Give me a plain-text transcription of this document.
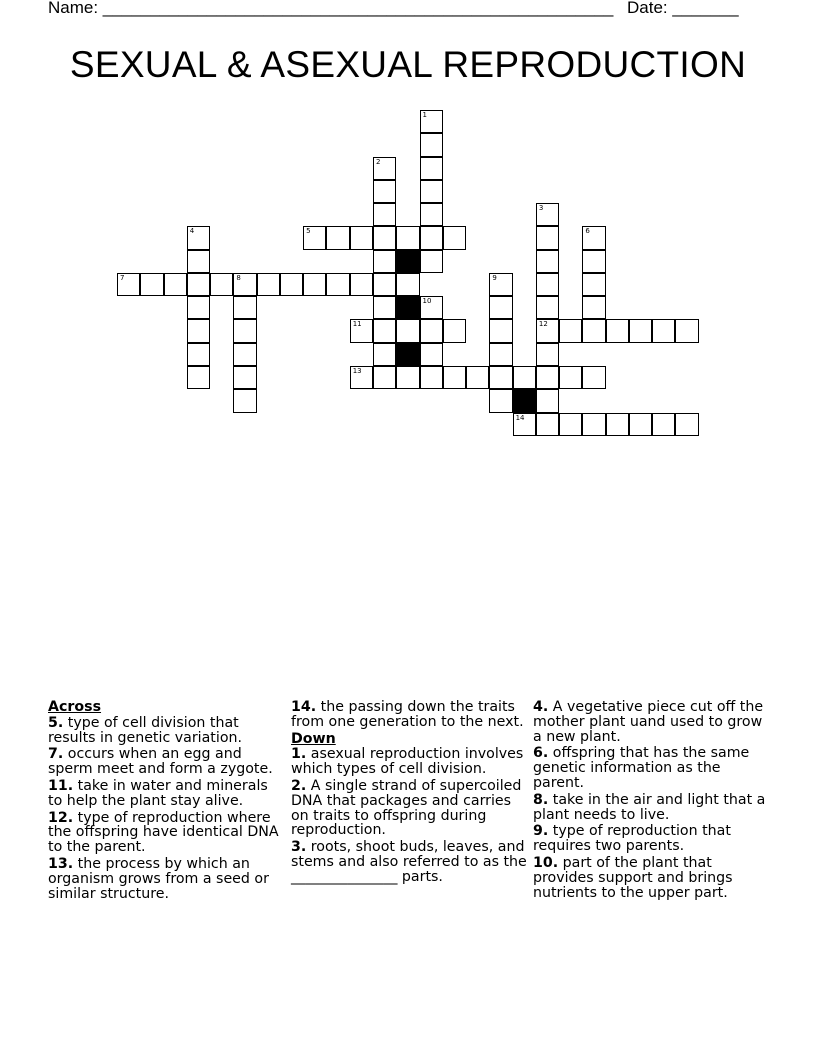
Name: ______________________________________________________ Date: _______
SEXUAL & ASEXUAL REPRODUCTION
1
2
3
12
4	5	6
7	8	9
10
11
13
14
Across
5. type of cell division that results in genetic variation.
7. occurs when an egg and sperm meet and form a zygote.
11. take in water and minerals to help the plant stay alive.
12. type of reproduction where the offspring have identical DNA to the parent.
13. the process by which an organism grows from a seed or similar structure.
14. the passing down the traits from one generation to the next.
Down
1. asexual reproduction involves which types of cell division.
2. A single strand of supercoiled DNA that packages and carries on traits to offspring during reproduction.
3. roots, shoot buds, leaves, and stems and also referred to as the _______________ parts.
4. A vegetative piece cut off the mother plant uand used to grow a new plant.
6. offspring that has the same genetic information as the parent.
8. take in the air and light that a plant needs to live.
9. type of reproduction that requires two parents.
10. part of the plant that provides support and brings nutrients to the upper part.
